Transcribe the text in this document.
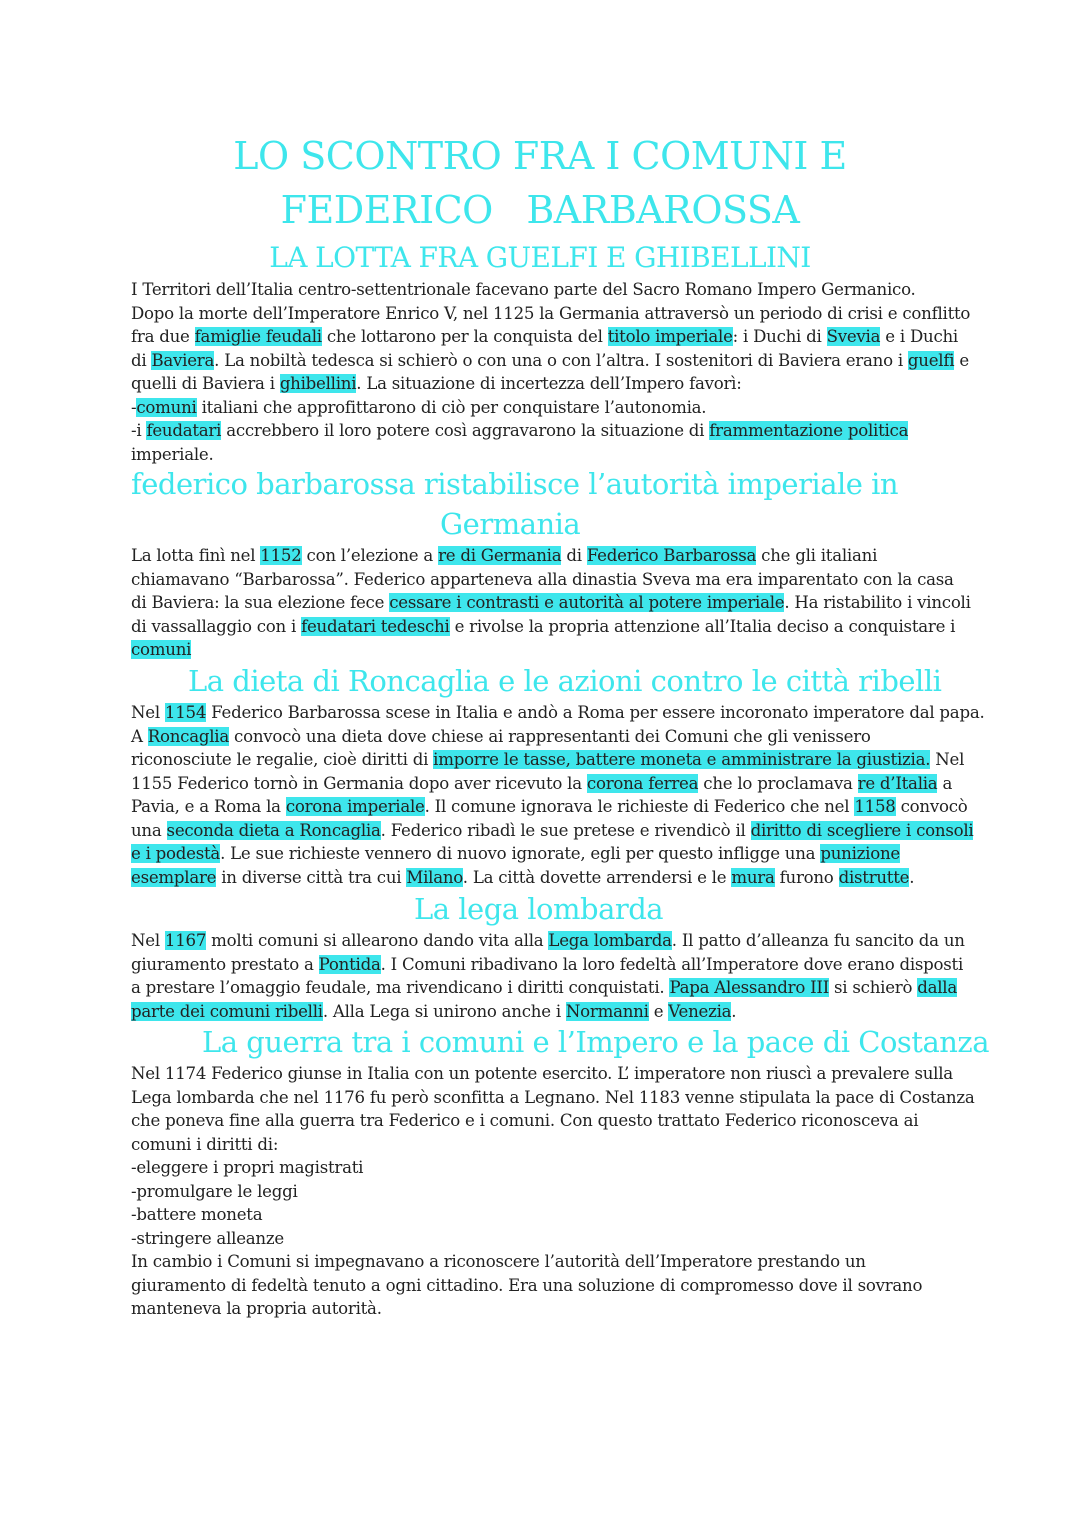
LO SCONTRO FRA I COMUNI E
FEDERICO BARBAROSSA
LA LOTTA FRA GUELFI E GHIBELLINI
I Territori dell’Italia centro-settentrionale facevano parte del Sacro Romano Impero Germanico.
Dopo la morte dell’Imperatore Enrico V, nel 1125 la Germania attraversò un periodo di crisi e conflitto
fra due famiglie feudali che lottarono per la conquista del titolo imperiale: i Duchi di Svevia e i Duchi
di Baviera. La nobiltà tedesca si schierò o con una o con l’altra. I sostenitori di Baviera erano i guelfi e
quelli di Baviera i ghibellini. La situazione di incertezza dell’Impero favorì:
-comuni italiani che approfittarono di ciò per conquistare l’autonomia.
-i feudatari accrebbero il loro potere così aggravarono la situazione di frammentazione politica
imperiale.
federico barbarossa ristabilisce l’autorità imperiale in
Germania
La lotta finì nel 1152 con l’elezione a re di Germania di Federico Barbarossa che gli italiani
chiamavano “Barbarossa”. Federico apparteneva alla dinastia Sveva ma era imparentato con la casa
di Baviera: la sua elezione fece cessare i contrasti e autorità al potere imperiale. Ha ristabilito i vincoli
di vassallaggio con i feudatari tedeschi e rivolse la propria attenzione all’Italia deciso a conquistare i
comuni
La dieta di Roncaglia e le azioni contro le città ribelli
Nel 1154 Federico Barbarossa scese in Italia e andò a Roma per essere incoronato imperatore dal papa.
A Roncaglia convocò una dieta dove chiese ai rappresentanti dei Comuni che gli venissero
riconosciute le regalie, cioè diritti di imporre le tasse, battere moneta e amministrare la giustizia. Nel
1155 Federico tornò in Germania dopo aver ricevuto la corona ferrea che lo proclamava re d’Italia a
Pavia, e a Roma la corona imperiale. Il comune ignorava le richieste di Federico che nel 1158 convocò
una seconda dieta a Roncaglia. Federico ribadì le sue pretese e rivendicò il diritto di scegliere i consoli
e i podestà. Le sue richieste vennero di nuovo ignorate, egli per questo infligge una punizione
esemplare in diverse città tra cui Milano. La città dovette arrendersi e le mura furono distrutte.
La lega lombarda
Nel 1167 molti comuni si allearono dando vita alla Lega lombarda. Il patto d’alleanza fu sancito da un
giuramento prestato a Pontida. I Comuni ribadivano la loro fedeltà all’Imperatore dove erano disposti
a prestare l’omaggio feudale, ma rivendicano i diritti conquistati. Papa Alessandro III si schierò dalla
parte dei comuni ribelli. Alla Lega si unirono anche i Normanni e Venezia.
La guerra tra i comuni e l’Impero e la pace di Costanza
Nel 1174 Federico giunse in Italia con un potente esercito. L’ imperatore non riuscì a prevalere sulla
Lega lombarda che nel 1176 fu però sconfitta a Legnano. Nel 1183 venne stipulata la pace di Costanza
che poneva fine alla guerra tra Federico e i comuni. Con questo trattato Federico riconosceva ai
comuni i diritti di:
-eleggere i propri magistrati
-promulgare le leggi
-battere moneta
-stringere alleanze
In cambio i Comuni si impegnavano a riconoscere l’autorità dell’Imperatore prestando un
giuramento di fedeltà tenuto a ogni cittadino. Era una soluzione di compromesso dove il sovrano
manteneva la propria autorità.
